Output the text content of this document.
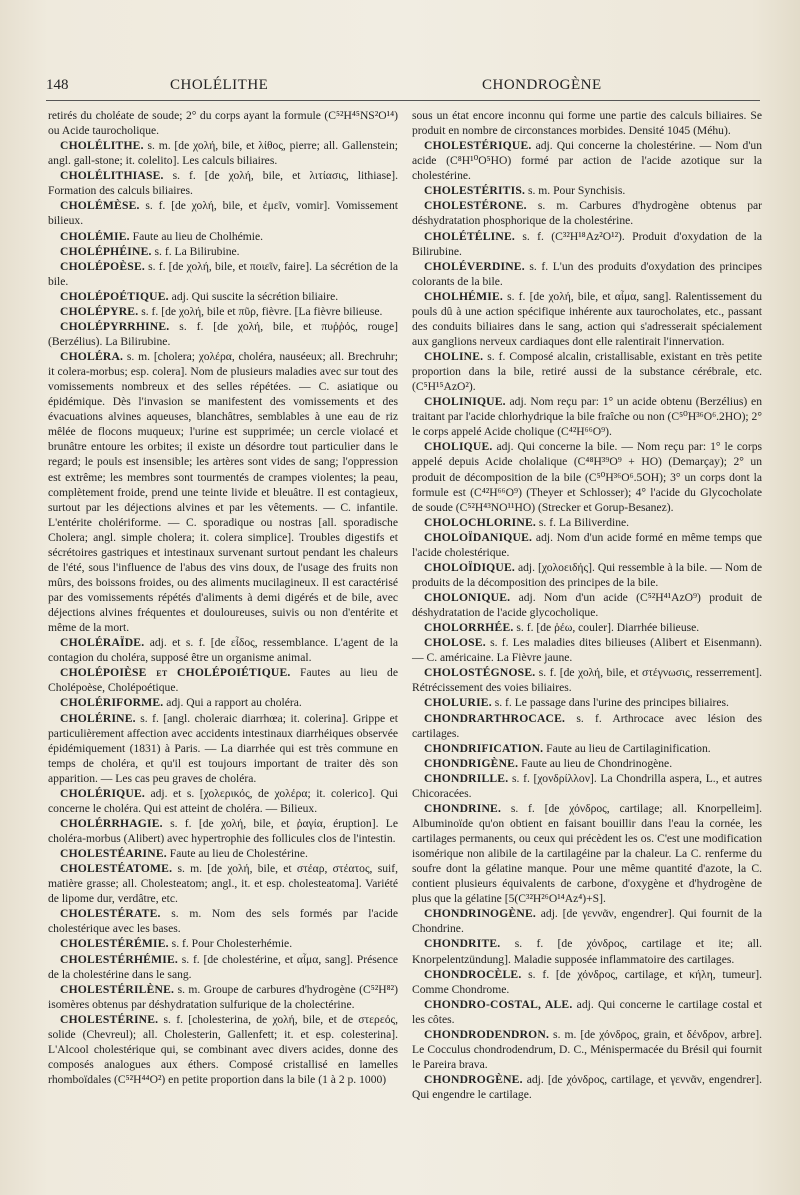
148	CHOLÉLITHE	CHONDROGÈNE

retirés du choléate de soude; 2° du corps ayant la formule (C⁵²H⁴⁵NS²O¹⁴) ou Acide taurocholique.

CHOLÉLITHE. s. m. [de χολή, bile, et λίθος, pierre; all. Gallenstein; angl. gall-stone; it. colelito]. Les calculs biliaires.

CHOLÉLITHIASE. s. f. [de χολή, bile, et λιτίασις, lithiase]. Formation des calculs biliaires.

CHOLÉMÈSE. s. f. [de χολή, bile, et ἐμεῖν, vomir]. Vomissement bilieux.

CHOLÉMIE. Faute au lieu de Cholhémie.

CHOLÉPHÉINE. s. f. La Bilirubine.

CHOLÉPOÈSE. s. f. [de χολή, bile, et ποιεῖν, faire]. La sécrétion de la bile.

CHOLÉPOÉTIQUE. adj. Qui suscite la sécrétion biliaire.

CHOLÉPYRE. s. f. [de χολή, bile et πῦρ, fièvre. [La fièvre bilieuse.

CHOLÉPYRRHINE. s. f. [de χολή, bile, et πυῤῥός, rouge] (Berzélius). La Bilirubine.

CHOLÉRA. s. m. [cholera; χολέρα, choléra, nauséeux; all. Brechruhr; it colera-morbus; esp. colera]. Nom de plusieurs maladies avec sur tout des vomissements nombreux et des selles répétées. — C. asiatique ou épidémique. Dès l'invasion se manifestent des vomissements et des évacuations alvines aqueuses, blanchâtres, semblables à une eau de riz mêlée de flocons muqueux; l'urine est supprimée; un cercle violacé et brunâtre entoure les orbites; il existe un désordre tout particulier dans le regard; le pouls est insensible; les artères sont vides de sang; l'oppression est extrême; les membres sont tourmentés de crampes violentes; la peau, complètement froide, prend une teinte livide et bleuâtre. Il est contagieux, surtout par les déjections alvines et par les vêtements. — C. infantile. L'entérite cholériforme. — C. sporadique ou nostras [all. sporadische Cholera; angl. simple cholera; it. colera simplice]. Troubles digestifs et sécrétoires gastriques et intestinaux survenant surtout pendant les chaleurs de l'été, sous l'influence de l'abus des vins doux, de l'usage des fruits non mûrs, des boissons froides, ou des aliments mucilagineux. Il est caractérisé par des vomissements répétés d'aliments à demi digérés et de bile, avec déjections alvines fréquentes et douloureuses, suivis ou non d'entérite et même de la mort.

CHOLÉRAÏDE. adj. et s. f. [de εἶδος, ressemblance. L'agent de la contagion du choléra, supposé être un organisme animal.

CHOLÉPOIÈSE et CHOLÉPOIÉTIQUE. Fautes au lieu de Cholépoèse, Cholépoétique.

CHOLÉRIFORME. adj. Qui a rapport au choléra.

CHOLÉRINE. s. f. [angl. choleraic diarrhœa; it. colerina]. Grippe et particulièrement affection avec accidents intestinaux diarrhéiques observée épidémiquement (1831) à Paris. — La diarrhée qui est très commune en temps de choléra, et qu'il est toujours important de traiter dès son apparition. — Les cas peu graves de choléra.

CHOLÉRIQUE. adj. et s. [χολερικός, de χολέρα; it. colerico]. Qui concerne le choléra. Qui est atteint de choléra. — Bilieux.

CHOLÉRRHAGIE. s. f. [de χολή, bile, et ῥαγία, éruption]. Le choléra-morbus (Alibert) avec hypertrophie des follicules clos de l'intestin.

CHOLESTÉARINE. Faute au lieu de Cholestérine.

CHOLESTÉATOME. s. m. [de χολή, bile, et στέαρ, στέατος, suif, matière grasse; all. Cholesteatom; angl., it. et esp. cholesteatoma]. Variété de lipome dur, verdâtre, etc.

CHOLESTÉRATE. s. m. Nom des sels formés par l'acide cholestérique avec les bases.

CHOLESTÉRÉMIE. s. f. Pour Cholesterhémie.

CHOLESTÉRHÉMIE. s. f. [de cholestérine, et αἷμα, sang]. Présence de la cholestérine dans le sang.

CHOLESTÉRILÈNE. s. m. Groupe de carbures d'hydrogène (C⁵²H⁸²) isomères obtenus par déshydratation sulfurique de la cholectérine.

CHOLESTÉRINE. s. f. [cholesterina, de χολή, bile, et de στερεός, solide (Chevreul); all. Cholesterin, Gallenfett; it. et esp. colesterina]. L'Alcool cholestérique qui, se combinant avec divers acides, donne des composés analogues aux éthers. Composé cristallisé en lamelles rhomboïdales (C⁵²H⁴⁴O²) en petite proportion dans la bile (1 à 2 p. 1000)

sous un état encore inconnu qui forme une partie des calculs biliaires. Se produit en nombre de circonstances morbides. Densité 1045 (Méhu).

CHOLESTÉRIQUE. adj. Qui concerne la cholestérine. — Nom d'un acide (C⁸H¹⁰O⁵HO) formé par action de l'acide azotique sur la cholestérine.

CHOLESTÉRITIS. s. m. Pour Synchisis.

CHOLESTÉRONE. s. m. Carbures d'hydrogène obtenus par déshydratation phosphorique de la cholestérine.

CHOLÉTÉLINE. s. f. (C³²H¹⁸Az²O¹²). Produit d'oxydation de la Bilirubine.

CHOLÉVERDINE. s. f. L'un des produits d'oxydation des principes colorants de la bile.

CHOLHÉMIE. s. f. [de χολή, bile, et αἷμα, sang]. Ralentissement du pouls dû à une action spécifique inhérente aux taurocholates, etc., passant des conduits biliaires dans le sang, action qui s'adresserait spécialement aux ganglions nerveux cardiaques dont elle ralentirait l'innervation.

CHOLINE. s. f. Composé alcalin, cristallisable, existant en très petite proportion dans la bile, retiré aussi de la substance cérébrale, etc. (C⁵H¹⁵AzO²).

CHOLINIQUE. adj. Nom reçu par: 1° un acide obtenu (Berzélius) en traitant par l'acide chlorhydrique la bile fraîche ou non (C⁵⁰H³⁶O⁶.2HO); 2° le corps appelé Acide cholique (C⁴²H⁶⁶O⁹).

CHOLIQUE. adj. Qui concerne la bile. — Nom reçu par: 1° le corps appelé depuis Acide cholalique (C⁴⁸H³⁹O⁹ + HO) (Demarçay); 2° un produit de décomposition de la bile (C⁵⁰H³⁶O⁶.5OH); 3° un corps dont la formule est (C⁴²H⁶⁶O⁹) (Theyer et Schlosser); 4° l'acide du Glycocholate de soude (C⁵²H⁴³NO¹¹HO) (Strecker et Gorup-Besanez).

CHOLOCHLORINE. s. f. La Biliverdine.

CHOLOÏDANIQUE. adj. Nom d'un acide formé en même temps que l'acide cholestérique.

CHOLOÏDIQUE. adj. [χολοειδής]. Qui ressemble à la bile. — Nom de produits de la décomposition des principes de la bile.

CHOLONIQUE. adj. Nom d'un acide (C⁵²H⁴¹AzO⁹) produit de déshydratation de l'acide glycocholique.

CHOLORRHÉE. s. f. [de ῥέω, couler]. Diarrhée bilieuse.

CHOLOSE. s. f. Les maladies dites bilieuses (Alibert et Eisenmann). — C. américaine. La Fièvre jaune.

CHOLOSTÉGNOSE. s. f. [de χολή, bile, et στέγνωσις, resserrement]. Rétrécissement des voies biliaires.

CHOLURIE. s. f. Le passage dans l'urine des principes biliaires.

CHONDRARTHROCACE. s. f. Arthrocace avec lésion des cartilages.

CHONDRIFICATION. Faute au lieu de Cartilaginification.

CHONDRIGÈNE. Faute au lieu de Chondrinogène.

CHONDRILLE. s. f. [χονδρίλλον]. La Chondrilla aspera, L., et autres Chicoracées.

CHONDRINE. s. f. [de χόνδρος, cartilage; all. Knorpelleim]. Albuminoïde qu'on obtient en faisant bouillir dans l'eau la cornée, les cartilages permanents, ou ceux qui précèdent les os. C'est une modification isomérique non alibile de la cartilagéine par la chaleur. La C. renferme du soufre dont la gélatine manque. Pour une même quantité d'azote, la C. contient plusieurs équivalents de carbone, d'oxygène et d'hydrogène de plus que la gélatine [5(C³²H²⁶O¹⁴Az⁴)+S].

CHONDRINOGÈNE. adj. [de γεννᾶν, engendrer]. Qui fournit de la Chondrine.

CHONDRITE. s. f. [de χόνδρος, cartilage et ite; all. Knorpelentzündung]. Maladie supposée inflammatoire des cartilages.

CHONDROCÈLE. s. f. [de χόνδρος, cartilage, et κήλη, tumeur]. Comme Chondrome.

CHONDRO-COSTAL, ALE. adj. Qui concerne le cartilage costal et les côtes.

CHONDRODENDRON. s. m. [de χόνδρος, grain, et δένδρον, arbre]. Le Cocculus chondrodendrum, D. C., Ménispermacée du Brésil qui fournit le Pareira brava.

CHONDROGÈNE. adj. [de χόνδρος, cartilage, et γεννᾶν, engendrer]. Qui engendre le cartilage.
